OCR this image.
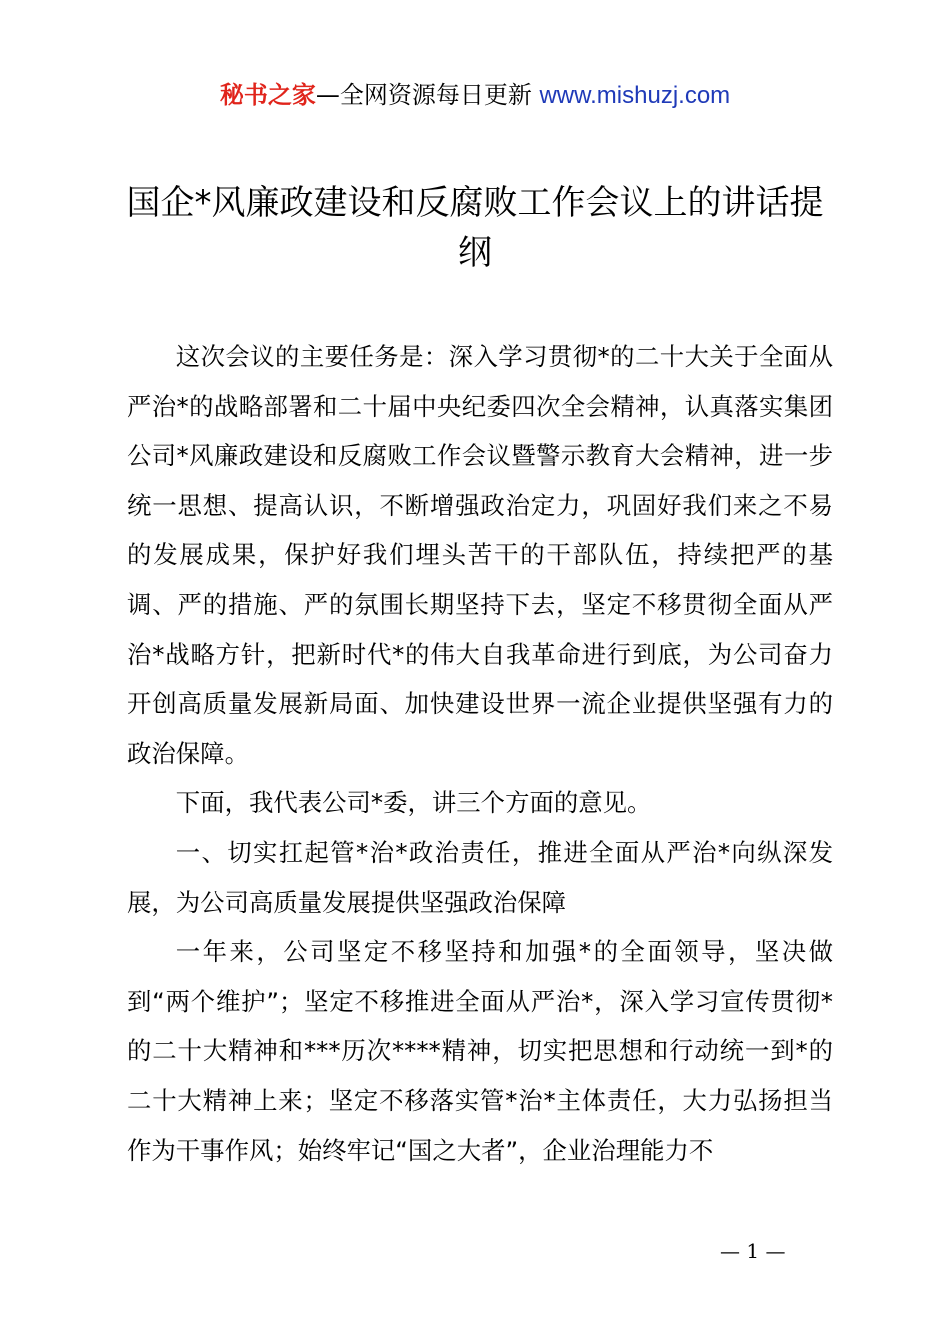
秘书之家—全网资源每日更新 www.mishuzj.com
国企*风廉政建设和反腐败工作会议上的讲话提纲

这次会议的主要任务是：深入学习贯彻*的二十大关于全面从严治*的战略部署和二十届中央纪委四次全会精神，认真落实集团公司*风廉政建设和反腐败工作会议暨警示教育大会精神，进一步统一思想、提高认识，不断增强政治定力，巩固好我们来之不易的发展成果，保护好我们埋头苦干的干部队伍，持续把严的基调、严的措施、严的氛围长期坚持下去，坚定不移贯彻全面从严治*战略方针，把新时代*的伟大自我革命进行到底，为公司奋力开创高质量发展新局面、加快建设世界一流企业提供坚强有力的政治保障。

下面，我代表公司*委，讲三个方面的意见。

一、切实扛起管*治*政治责任，推进全面从严治*向纵深发展，为公司高质量发展提供坚强政治保障

一年来，公司坚定不移坚持和加强*的全面领导，坚决做到“两个维护”；坚定不移推进全面从严治*，深入学习宣传贯彻*的二十大精神和***历次****精神，切实把思想和行动统一到*的二十大精神上来；坚定不移落实管*治*主体责任，大力弘扬担当作为干事作风；始终牢记“国之大者”，企业治理能力不

— 1 —
